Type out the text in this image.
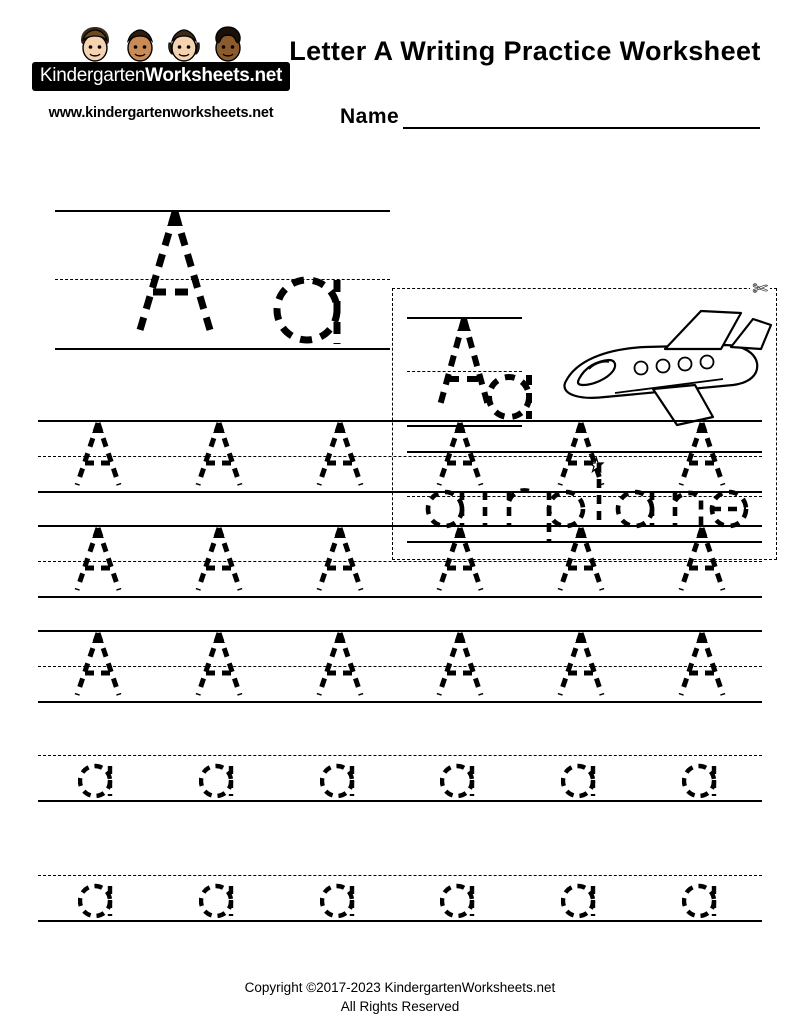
KindergartenWorksheets.net
www.kindergartenworksheets.net
Letter A Writing Practice Worksheet
Name
✄
Copyright ©2017-2023 KindergartenWorksheets.net
All Rights Reserved
